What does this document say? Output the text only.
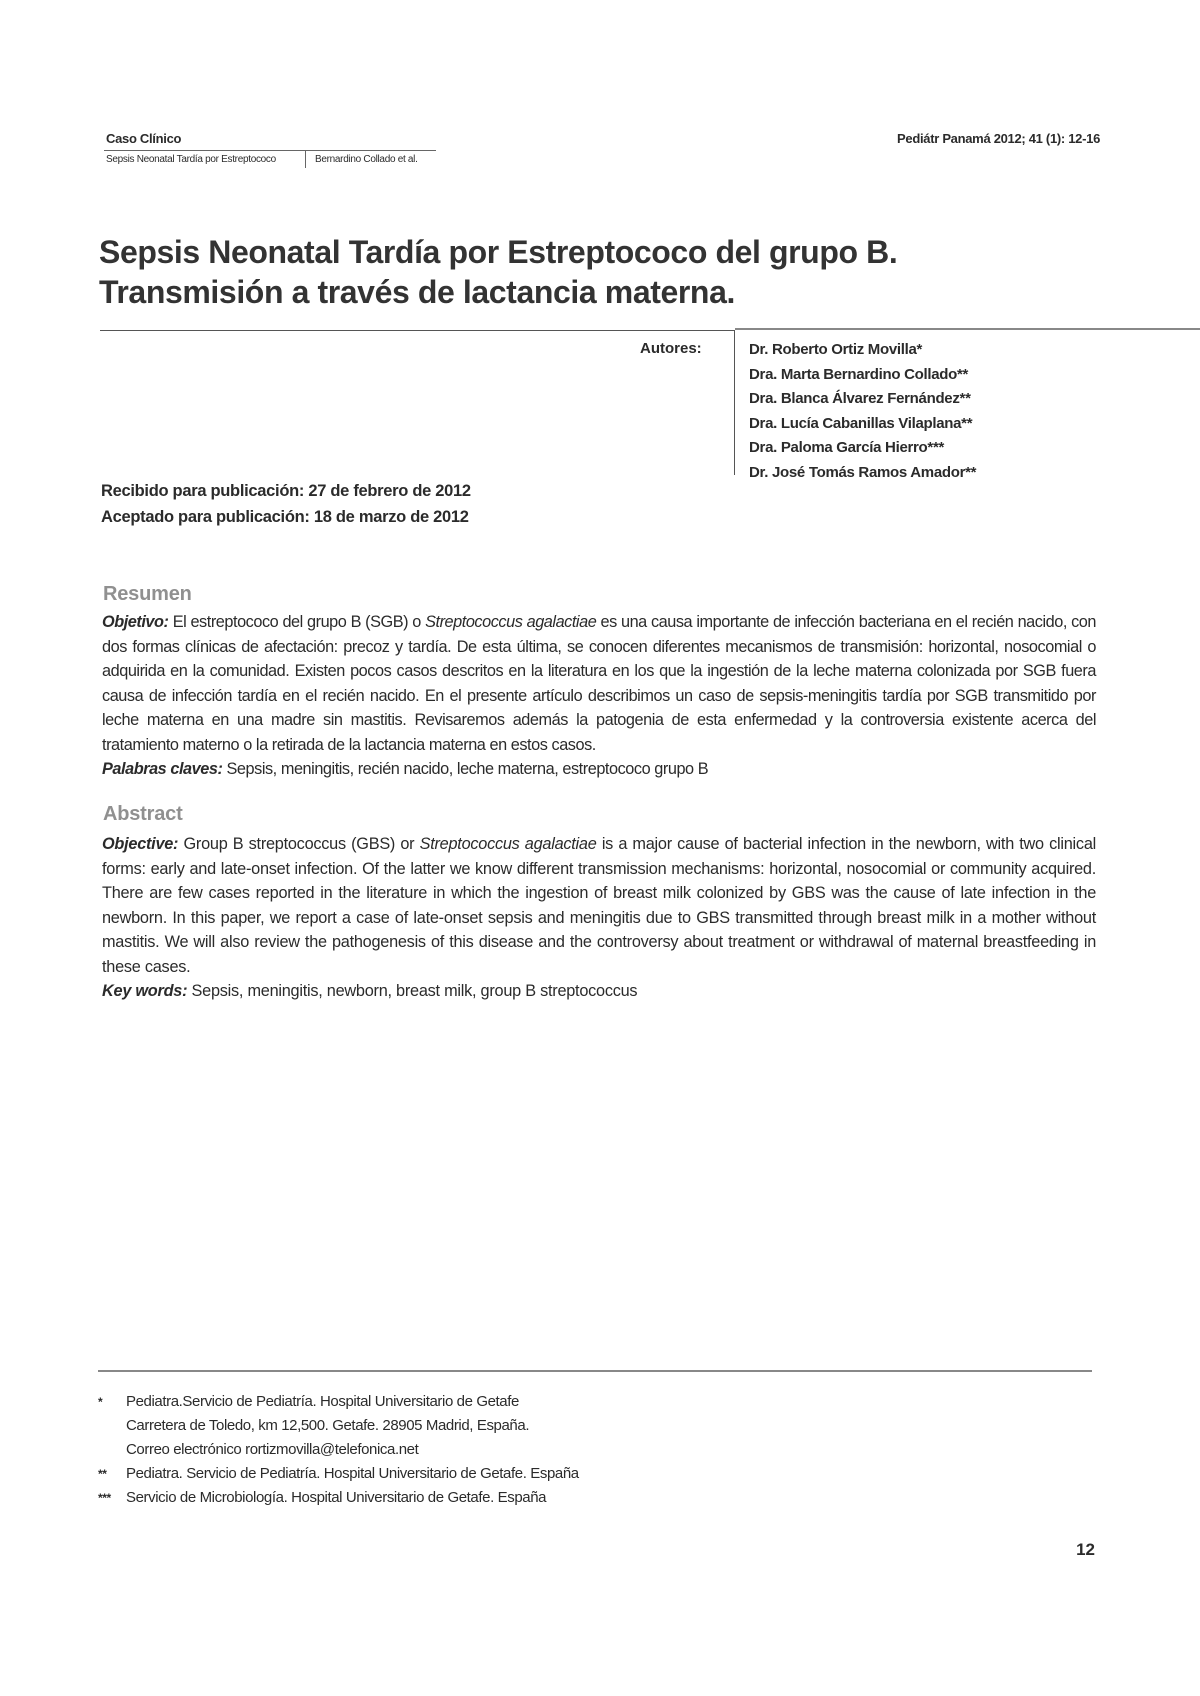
Caso Clínico
Sepsis Neonatal Tardía por Estreptococo	Bernardino Collado et al.
Pediátr Panamá 2012; 41 (1): 12-16
Sepsis Neonatal Tardía por Estreptococo del grupo B.
Transmisión a través de lactancia materna.
Autores:	Dr. Roberto Ortiz Movilla*
Dra. Marta Bernardino Collado**
Dra. Blanca Álvarez Fernández**
Dra. Lucía Cabanillas Vilaplana**
Dra. Paloma García Hierro***
Dr. José Tomás Ramos Amador**
Recibido para publicación: 27 de febrero de 2012
Aceptado para publicación: 18 de marzo de 2012
Resumen

Objetivo: El estreptococo del grupo B (SGB) o Streptococcus agalactiae es una causa importante de infección bacteriana en el recién nacido, con dos formas clínicas de afectación: precoz y tardía. De esta última, se conocen diferentes mecanismos de transmisión: horizontal, nosocomial o adquirida en la comunidad. Existen pocos casos descritos en la literatura en los que la ingestión de la leche materna colonizada por SGB fuera causa de infección tardía en el recién nacido. En el presente artículo describimos un caso de sepsis-meningitis tardía por SGB transmitido por leche materna en una madre sin mastitis. Revisaremos además la patogenia de esta enfermedad y la controversia existente acerca del tratamiento materno o la retirada de la lactancia materna en estos casos.

Palabras claves: Sepsis, meningitis, recién nacido, leche materna, estreptococo grupo B
Abstract

Objective: Group B streptococcus (GBS) or Streptococcus agalactiae is a major cause of bacterial infection in the newborn, with two clinical forms: early and late-onset infection. Of the latter we know different transmission mechanisms: horizontal, nosocomial or community acquired. There are few cases reported in the literature in which the ingestion of breast milk colonized by GBS was the cause of late infection in the newborn. In this paper, we report a case of late-onset sepsis and meningitis due to GBS transmitted through breast milk in a mother without mastitis. We will also review the pathogenesis of this disease and the controversy about treatment or withdrawal of maternal breastfeeding in these cases.

Key words: Sepsis, meningitis, newborn, breast milk, group B streptococcus
* Pediatra.Servicio de Pediatría. Hospital Universitario de Getafe
Carretera de Toledo, km 12,500. Getafe. 28905 Madrid, España.
Correo electrónico rortizmovilla@telefonica.net
** Pediatra. Servicio de Pediatría. Hospital Universitario de Getafe. España
*** Servicio de Microbiología. Hospital Universitario de Getafe. España
12
